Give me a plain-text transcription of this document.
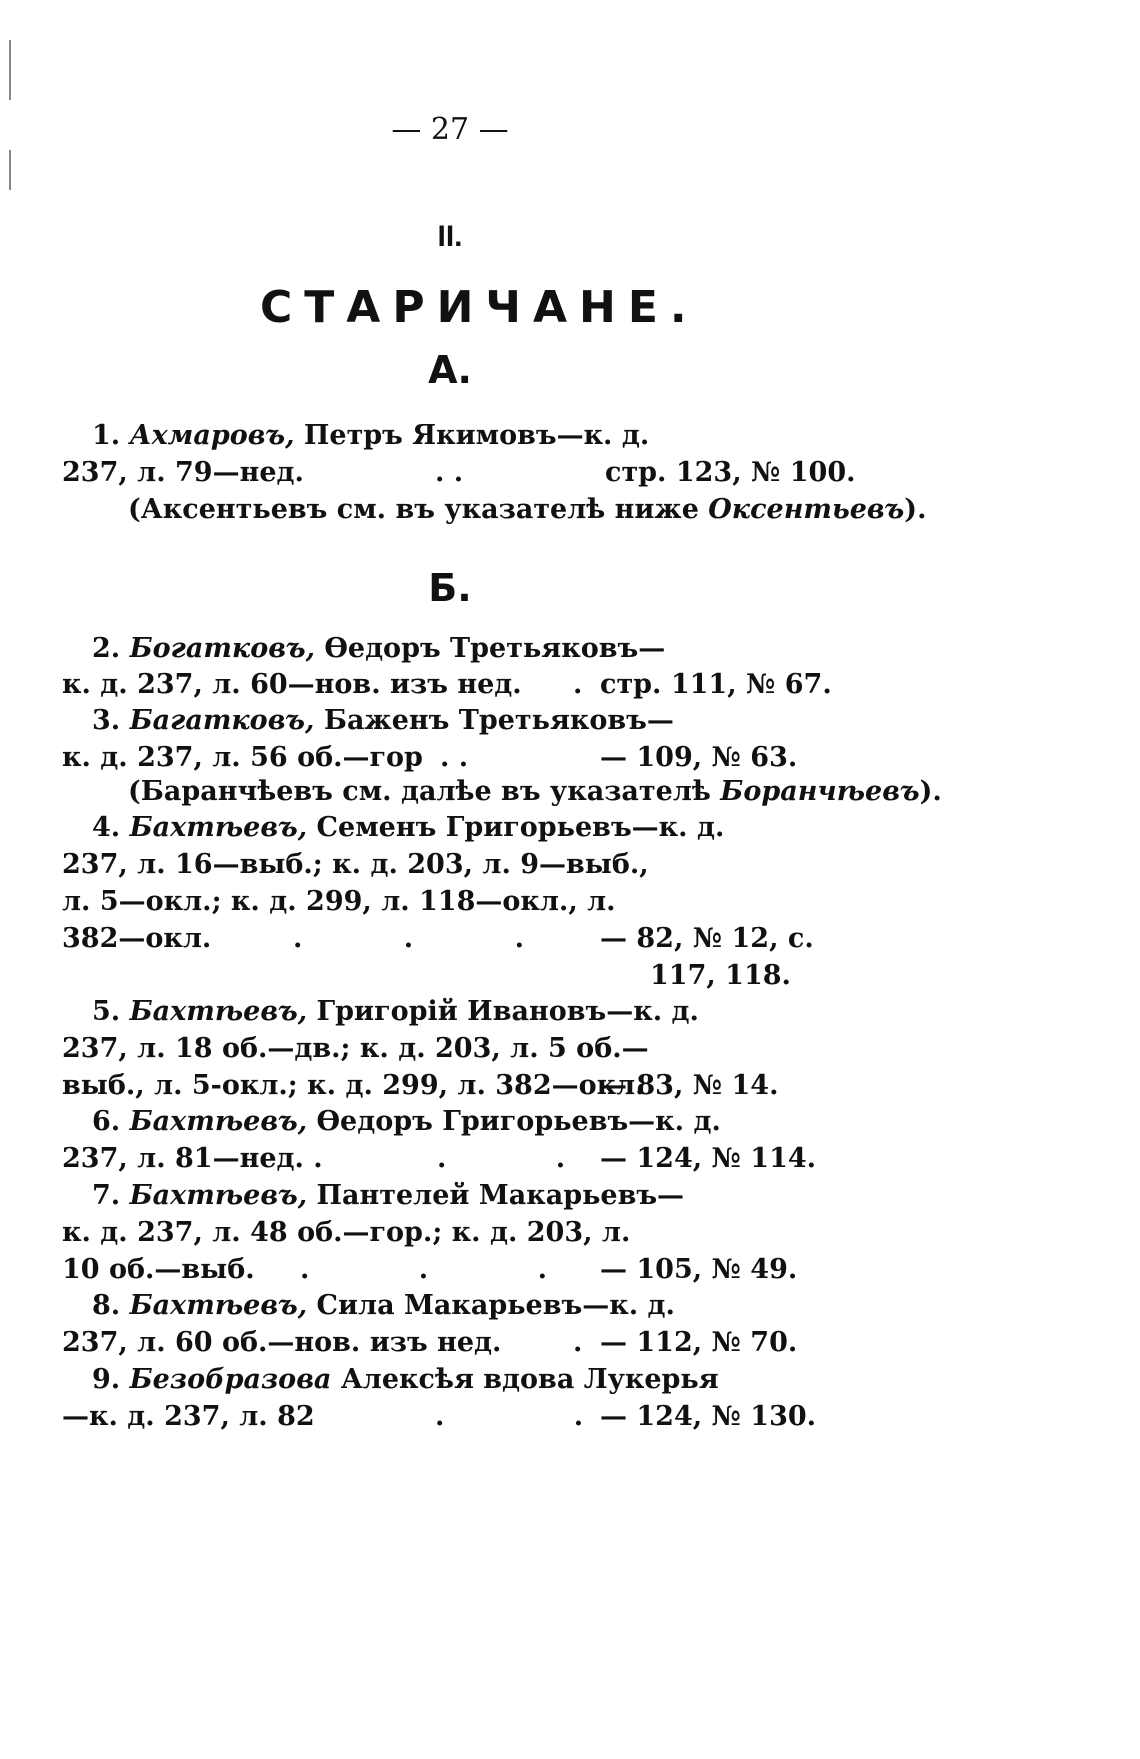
— 27 —
II.
СТАРИЧАНЕ.
А.
1. Ахмаровъ, Петръ Якимовъ—к. д.
237, л. 79—нед.	. .	стр. 123, № 100.
(Аксентьевъ см. въ указателѣ ниже Оксентьевъ).
Б.
2. Богатковъ, Өедоръ Третьяковъ—
к. д. 237, л. 60—нов. изъ нед.	. стр. 111, № 67.
3. Багатковъ, Баженъ Третьяковъ—
к. д. 237, л. 56 об.—гор . .	— 109, № 63.
(Баранчѣевъ см. далѣе въ указателѣ Боранчѣевъ).
4. Бахтѣевъ, Семенъ Григорьевъ—к. д.
237, л. 16—выб.; к. д. 203, л. 9—выб.,
л. 5—окл.; к. д. 299, л. 118—окл., л.
382—окл.	. . .	— 82, № 12, с.
117, 118.
5. Бахтѣевъ, Григорій Ивановъ—к. д.
237, л. 18 об.—дв.; к. д. 203, л. 5 об.—
выб., л. 5-окл.; к. д. 299, л. 382—окл.
— 83, № 14.
6. Бахтѣевъ, Өедоръ Григорьевъ—к. д.
237, л. 81—нед. .	. . — 124, № 114.
7. Бахтѣевъ, Пантелей Макарьевъ—
к. д. 237, л. 48 об.—гор.; к. д. 203, л.
10 об.—выб.	. . . — 105, № 49.
8. Бахтѣевъ, Сила Макарьевъ—к. д.
237, л. 60 об.—нов. изъ нед.	. — 112, № 70.
9. Безобразова Алексѣя вдова Лукерья
—к. д. 237, л. 82	. . — 124, № 130.
